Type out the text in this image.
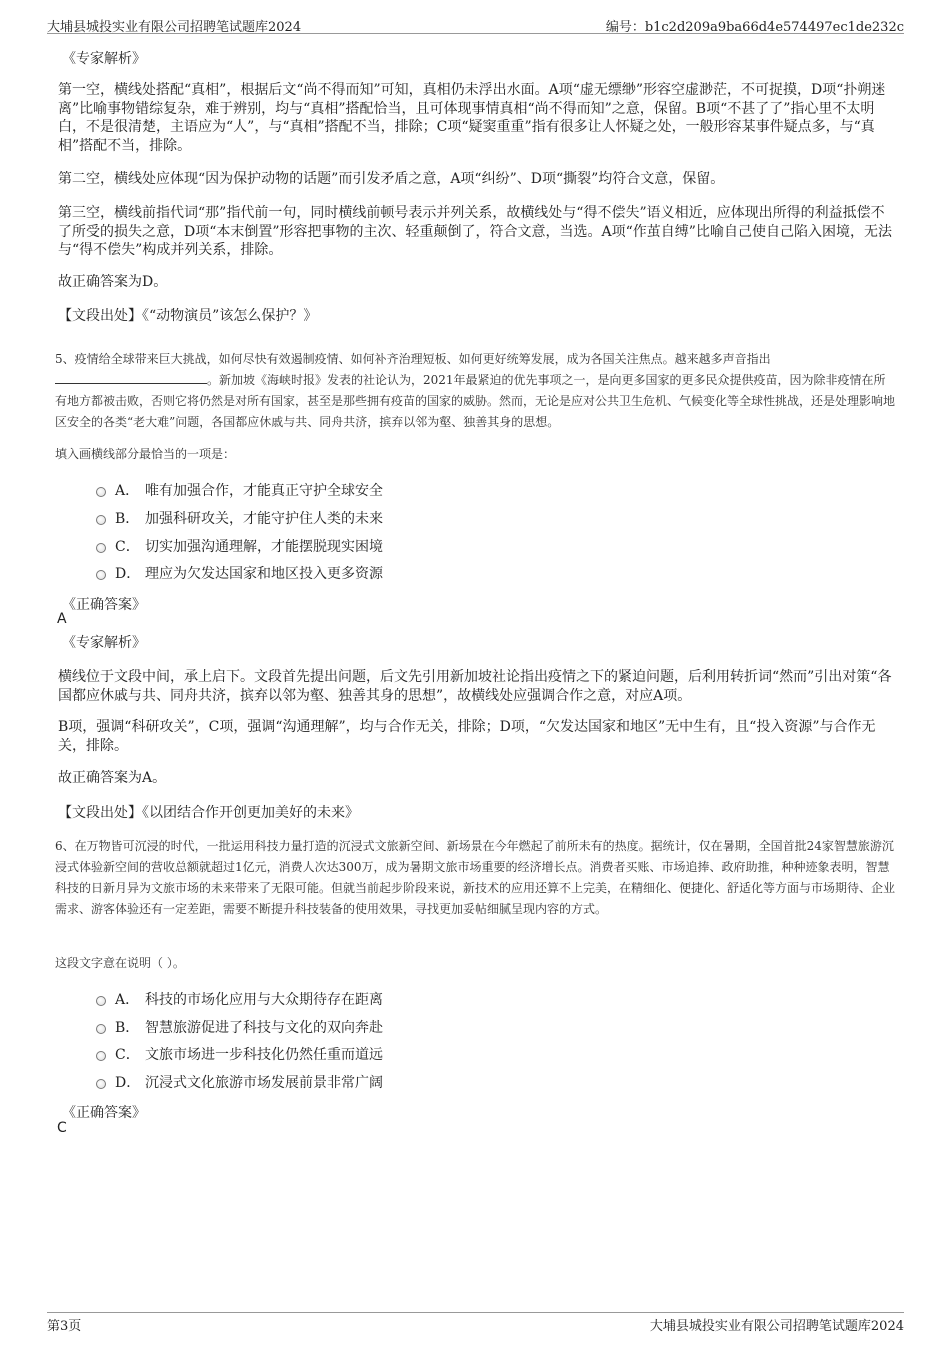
大埔县城投实业有限公司招聘笔试题库2024	编号：b1c2d209a9ba66d4e574497ec1de232c

《专家解析》

第一空，横线处搭配“真相”，根据后文“尚不得而知”可知，真相仍未浮出水面。A项“虚无缥缈”形容空虚渺茫，不可捉摸，D项“扑朔迷离”比喻事物错综复杂，难于辨别，均与“真相”搭配恰当，且可体现事情真相“尚不得而知”之意，保留。B项“不甚了了”指心里不太明白，不是很清楚，主语应为“人”，与“真相”搭配不当，排除；C项“疑窦重重”指有很多让人怀疑之处，一般形容某事件疑点多，与“真相”搭配不当，排除。

第二空，横线处应体现“因为保护动物的话题”而引发矛盾之意，A项“纠纷”、D项“撕裂”均符合文意，保留。

第三空，横线前指代词“那”指代前一句，同时横线前顿号表示并列关系，故横线处与“得不偿失”语义相近，应体现出所得的利益抵偿不了所受的损失之意，D项“本末倒置”形容把事物的主次、轻重颠倒了，符合文意，当选。A项“作茧自缚”比喻自己使自己陷入困境，无法与“得不偿失”构成并列关系，排除。

故正确答案为D。

【文段出处】《“动物演员”该怎么保护？》

5、疫情给全球带来巨大挑战，如何尽快有效遏制疫情、如何补齐治理短板、如何更好统筹发展，成为各国关注焦点。越来越多声音指出。新加坡《海峡时报》发表的社论认为，2021年最紧迫的优先事项之一，是向更多国家的更多民众提供疫苗，因为除非疫情在所有地方都被击败，否则它将仍然是对所有国家，甚至是那些拥有疫苗的国家的威胁。然而，无论是应对公共卫生危机、气候变化等全球性挑战，还是处理影响地区安全的各类“老大难”问题，各国都应休戚与共、同舟共济，摈弃以邻为壑、独善其身的思想。

填入画横线部分最恰当的一项是：

A． 唯有加强合作，才能真正守护全球安全
B． 加强科研攻关，才能守护住人类的未来
C． 切实加强沟通理解，才能摆脱现实困境
D． 理应为欠发达国家和地区投入更多资源

《正确答案》

A

《专家解析》

横线位于文段中间，承上启下。文段首先提出问题，后文先引用新加坡社论指出疫情之下的紧迫问题，后利用转折词“然而”引出对策“各国都应休戚与共、同舟共济，摈弃以邻为壑、独善其身的思想”，故横线处应强调合作之意，对应A项。

B项，强调“科研攻关”，C项，强调“沟通理解”，均与合作无关，排除；D项，“欠发达国家和地区”无中生有，且“投入资源”与合作无关，排除。

故正确答案为A。

【文段出处】《以团结合作开创更加美好的未来》

6、在万物皆可沉浸的时代，一批运用科技力量打造的沉浸式文旅新空间、新场景在今年燃起了前所未有的热度。据统计，仅在暑期，全国首批24家智慧旅游沉浸式体验新空间的营收总额就超过1亿元，消费人次达300万，成为暑期文旅市场重要的经济增长点。消费者买账、市场追捧、政府助推，种种迹象表明，智慧科技的日新月异为文旅市场的未来带来了无限可能。但就当前起步阶段来说，新技术的应用还算不上完美，在精细化、便捷化、舒适化等方面与市场期待、企业需求、游客体验还有一定差距，需要不断提升科技装备的使用效果，寻找更加妥帖细腻呈现内容的方式。

这段文字意在说明（ ）。

A． 科技的市场化应用与大众期待存在距离
B． 智慧旅游促进了科技与文化的双向奔赴
C． 文旅市场进一步科技化仍然任重而道远
D． 沉浸式文化旅游市场发展前景非常广阔

《正确答案》

C

第3页	大埔县城投实业有限公司招聘笔试题库2024
